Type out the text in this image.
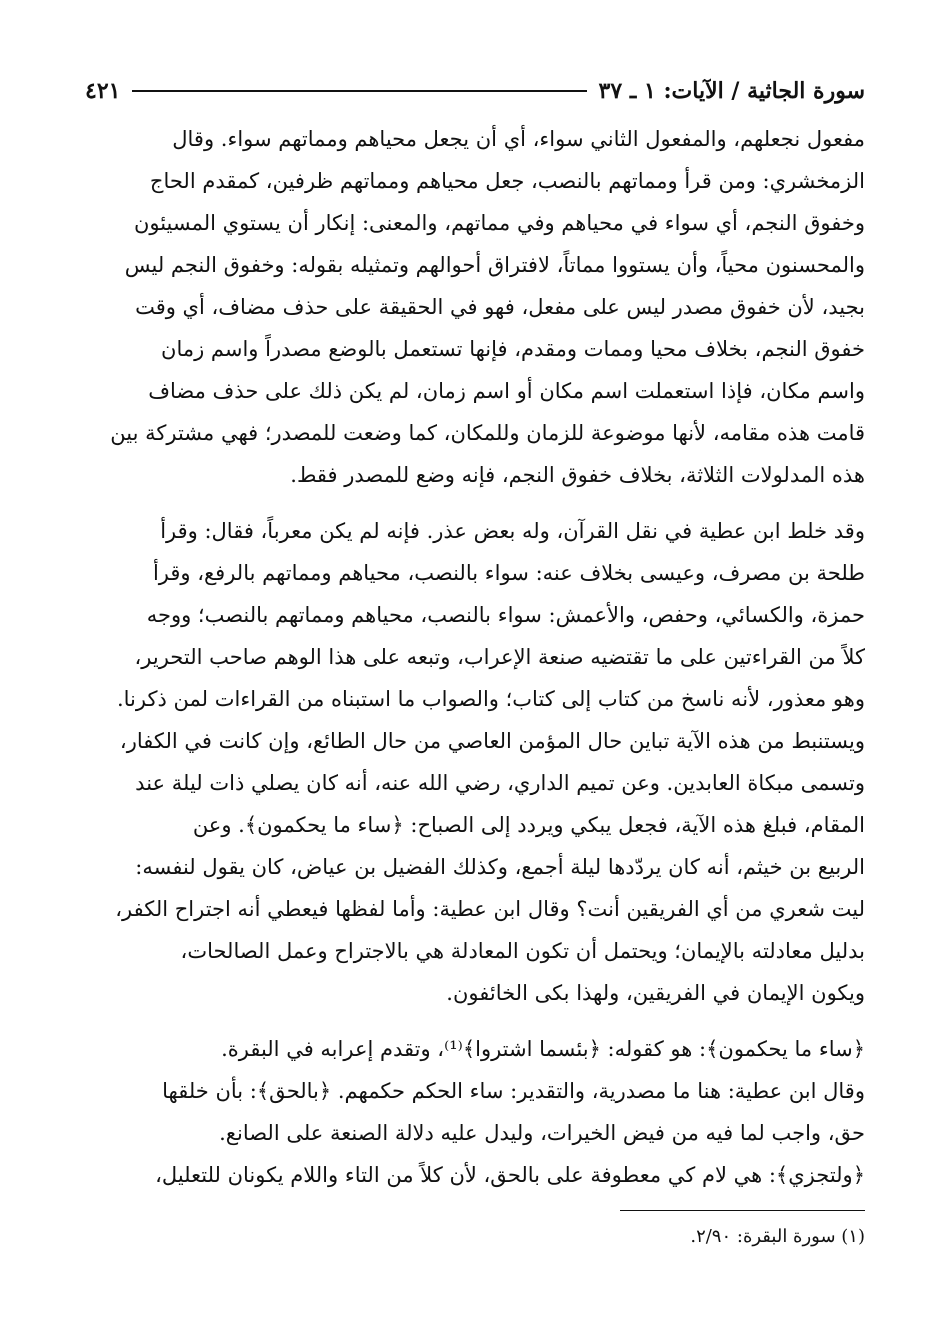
٤٢١	سورة الجاثية / الآيات: ١ ـ ٣٧
مفعول نجعلهم، والمفعول الثاني سواء، أي أن يجعل محياهم ومماتهم سواء. وقال
الزمخشري: ومن قرأ ومماتهم بالنصب، جعل محياهم ومماتهم ظرفين، كمقدم الحاج
وخفوق النجم، أي سواء في محياهم وفي مماتهم، والمعنى: إنكار أن يستوي المسيئون
والمحسنون محياً، وأن يستووا مماتاً، لافتراق أحوالهم وتمثيله بقوله: وخفوق النجم ليس
بجيد، لأن خفوق مصدر ليس على مفعل، فهو في الحقيقة على حذف مضاف، أي وقت
خفوق النجم، بخلاف محيا وممات ومقدم، فإنها تستعمل بالوضع مصدراً واسم زمان
واسم مكان، فإذا استعملت اسم مكان أو اسم زمان، لم يكن ذلك على حذف مضاف
قامت هذه مقامه، لأنها موضوعة للزمان وللمكان، كما وضعت للمصدر؛ فهي مشتركة بين
هذه المدلولات الثلاثة، بخلاف خفوق النجم، فإنه وضع للمصدر فقط.
وقد خلط ابن عطية في نقل القرآن، وله بعض عذر. فإنه لم يكن معرباً، فقال: وقرأ
طلحة بن مصرف، وعيسى بخلاف عنه: سواء بالنصب، محياهم ومماتهم بالرفع، وقرأ
حمزة، والكسائي، وحفص، والأعمش: سواء بالنصب، محياهم ومماتهم بالنصب؛ ووجه
كلاً من القراءتين على ما تقتضيه صنعة الإعراب، وتبعه على هذا الوهم صاحب التحرير،
وهو معذور، لأنه ناسخ من كتاب إلى كتاب؛ والصواب ما استبناه من القراءات لمن ذكرنا.
ويستنبط من هذه الآية تباين حال المؤمن العاصي من حال الطائع، وإن كانت في الكفار،
وتسمى مبكاة العابدين. وعن تميم الداري، رضي الله عنه، أنه كان يصلي ذات ليلة عند
المقام، فبلغ هذه الآية، فجعل يبكي ويردد إلى الصباح: ﴿ساء ما يحكمون﴾. وعن
الربيع بن خيثم، أنه كان يردّدها ليلة أجمع، وكذلك الفضيل بن عياض، كان يقول لنفسه:
ليت شعري من أي الفريقين أنت؟ وقال ابن عطية: وأما لفظها فيعطي أنه اجتراح الكفر،
بدليل معادلته بالإيمان؛ ويحتمل أن تكون المعادلة هي بالاجتراح وعمل الصالحات،
ويكون الإيمان في الفريقين، ولهذا بكى الخائفون.
﴿ساء ما يحكمون﴾: هو كقوله: ﴿بئسما اشتروا﴾⁽¹⁾، وتقدم إعرابه في البقرة.
وقال ابن عطية: هنا ما مصدرية، والتقدير: ساء الحكم حكمهم. ﴿بالحق﴾: بأن خلقها
حق، واجب لما فيه من فيض الخيرات، وليدل عليه دلالة الصنعة على الصانع.
﴿ولتجزي﴾: هي لام كي معطوفة على بالحق، لأن كلاً من التاء واللام يكونان للتعليل،
(١) سورة البقرة: ٢/٩٠.
